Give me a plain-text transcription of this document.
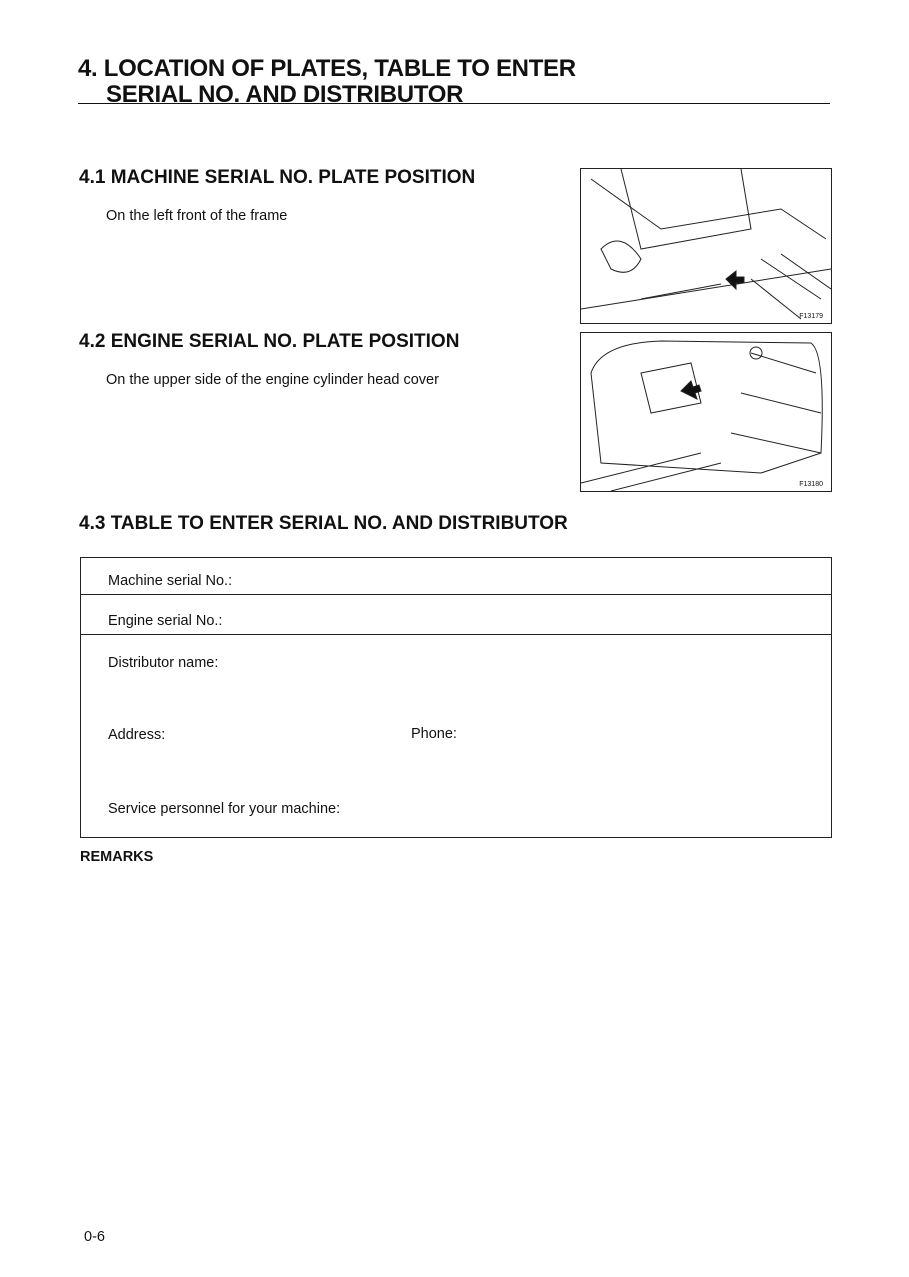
4. LOCATION OF PLATES, TABLE TO ENTER
SERIAL NO. AND DISTRIBUTOR
4.1 MACHINE SERIAL NO. PLATE POSITION
On the left front of the frame
F13179
4.2 ENGINE SERIAL NO. PLATE POSITION
On the upper side of the engine cylinder head cover
F13180
4.3 TABLE TO ENTER SERIAL NO. AND DISTRIBUTOR
Machine serial No.:
Engine serial No.:

Distributor name:
Address:	Phone:
Service personnel for your machine:
REMARKS
0-6
